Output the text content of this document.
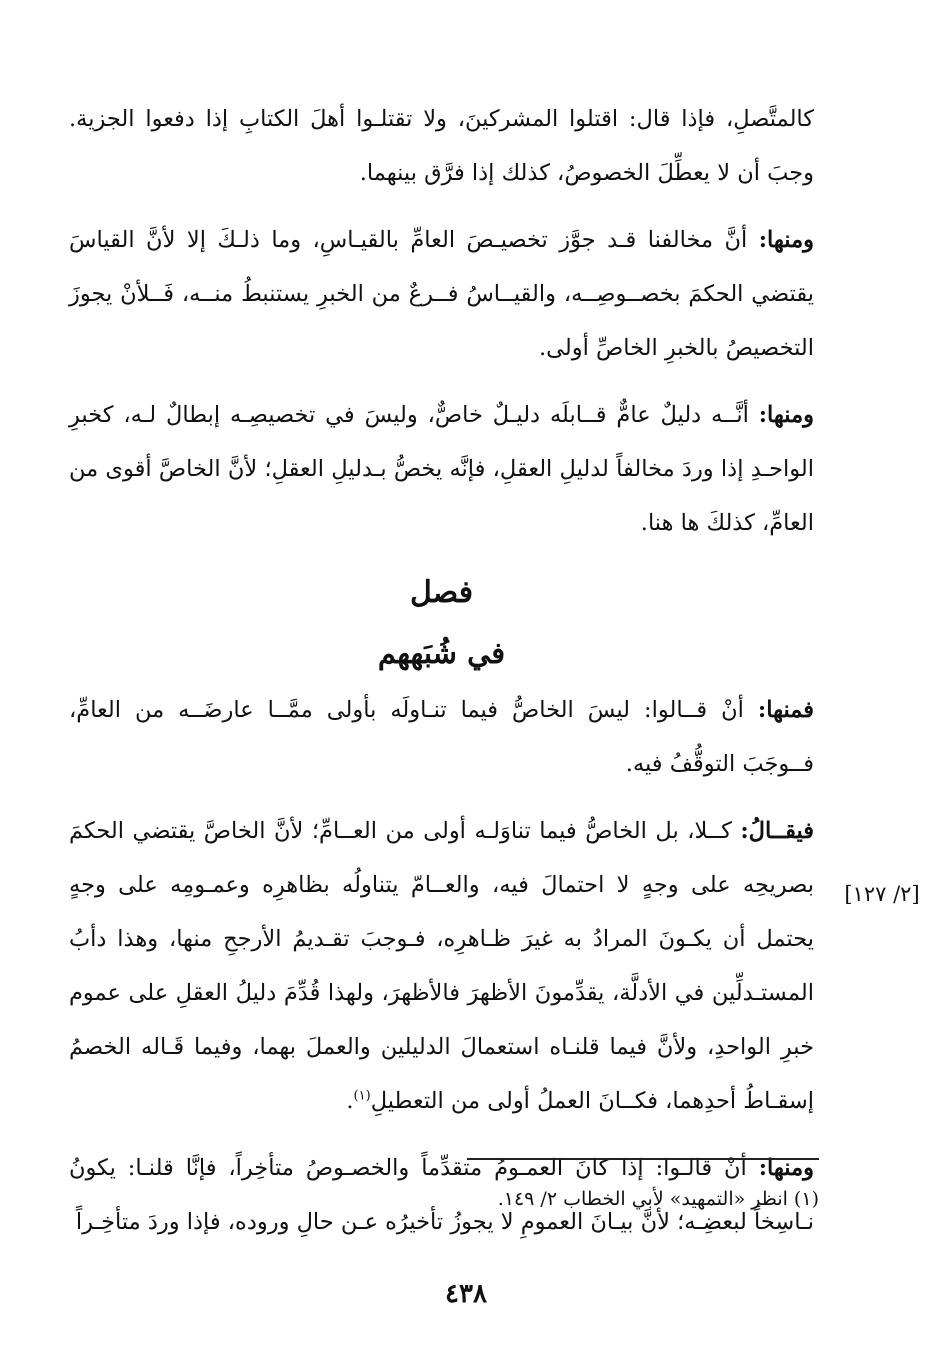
كالمتَّصلِ، فإذا قال: اقتلوا المشركينَ، ولا تقتلـوا أهلَ الكتابِ إذا دفعوا الجزية. وجبَ أن لا يعطِّلَ الخصوصُ، كذلك إذا فرَّق بينهما.

ومنها: أنَّ مخالفنا قـد جوَّز تخصيـصَ العامِّ بالقيـاسِ، وما ذلـكَ إلا لأنَّ القياسَ يقتضي الحكمَ بخصــوصِــه، والقيــاسُ فــرعٌ من الخبرِ يستنبطُ منــه، فَــلأنْ يجوزَ التخصيصُ بالخبرِ الخاصِّ أولى.

ومنها: أنَّــه دليلٌ عامٌّ قــابلَه دليـلٌ خاصٌّ، وليسَ في تخصيصِـه إبطالٌ لـه، كخبرِ الواحـدِ إذا وردَ مخالفاً لدليلِ العقلِ، فإنَّه يخصُّ بـدليلِ العقلِ؛ لأنَّ الخاصَّ أقوى من العامِّ، كذلكَ ها هنا.

فصل
في شُبَههم

فمنها: أنْ قــالوا: ليسَ الخاصُّ فيما تنـاولَه بأولى ممَّــا عارضَــه من العامِّ، فــوجَبَ التوقُّفُ فيه.

فيقــالُ: كــلا، بل الخاصُّ فيما تناوَلـه أولى من العــامِّ؛ لأنَّ الخاصَّ يقتضي الحكمَ بصريحِه على وجهٍ لا احتمالَ فيه، والعــامّ يتناولُه بظاهرِه وعمـومِه على وجهٍ يحتمل أن يكـونَ المرادُ به غيرَ ظـاهرِه، فـوجبَ تقـديمُ الأرجحِ منها، وهذا دأبُ المستـدلِّين في الأدلَّة، يقدِّمونَ الأظهرَ فالأظهرَ، ولهذا قُدِّمَ دليلُ العقلِ على عموم خبرِ الواحدِ، ولأنَّ فيما قلنـاه استعمالَ الدليلين والعملَ بهما، وفيما قَـاله الخصمُ إسقـاطُ أحدِهما، فكــانَ العملُ أولى من التعطيلِ$^{(١)}$.

ومنها: أنْ قالـوا: إذا كانَ العمـومُ متقدِّماً والخصـوصُ متأخِراً، فإنَّا قلنـا: يكونُ نـاسِخاً لبعضِـه؛ لأنَّ بيـانَ العمومِ لا يجوزُ تأخيرُه عـن حالِ وروده، فإذا وردَ متأخِـراً

[٢/ ١٢٧]
(١) انظر «التمهيد» لأبي الخطاب ٢/ ١٤٩.
٤٣٨
